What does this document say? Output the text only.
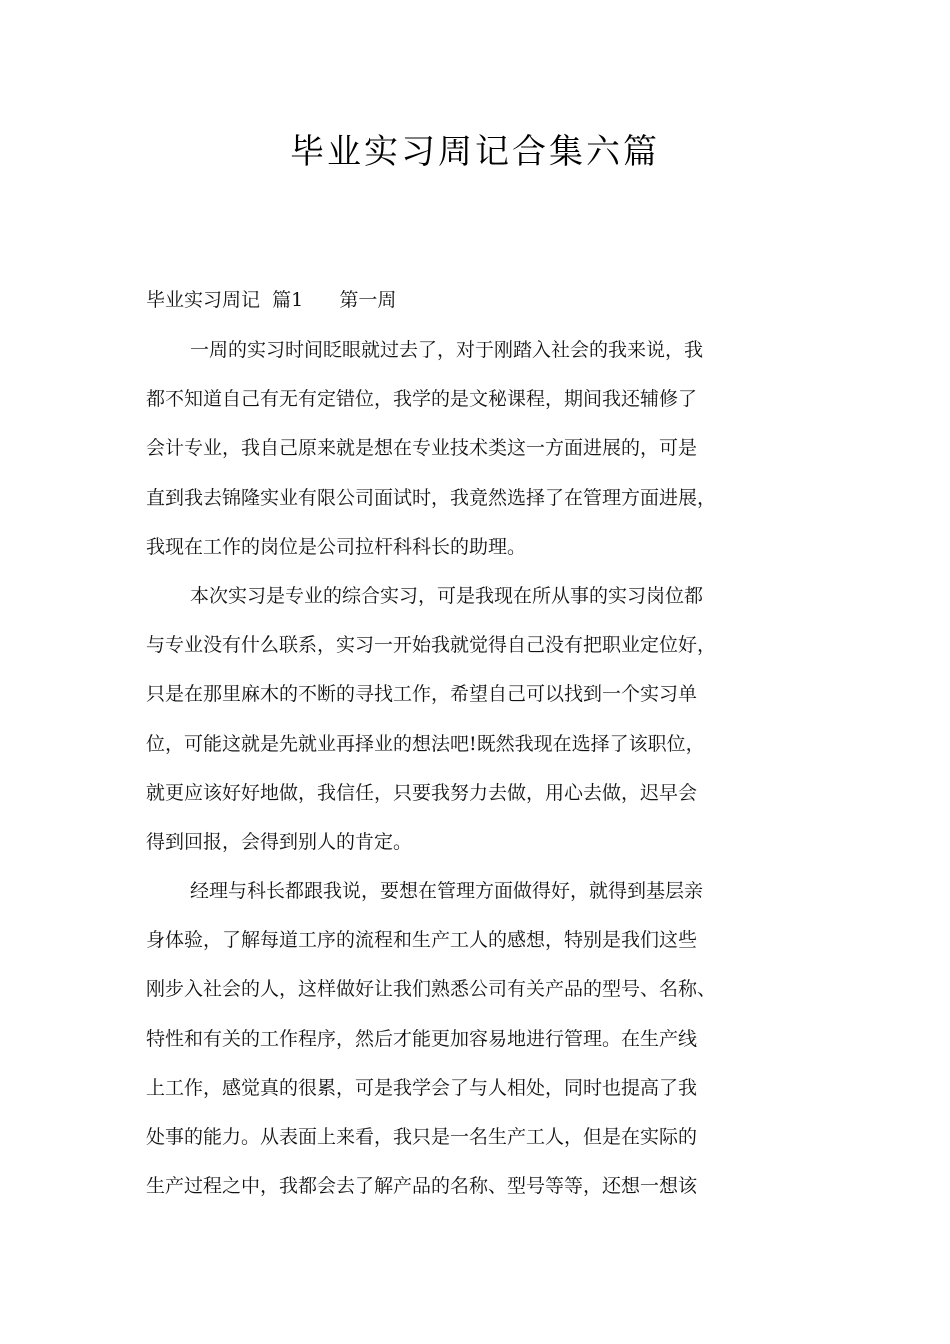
毕业实习周记合集六篇

毕业实习周记  篇1      第一周

一周的实习时间眨眼就过去了，对于刚踏入社会的我来说，我
都不知道自己有无有定错位，我学的是文秘课程，期间我还辅修了
会计专业，我自己原来就是想在专业技术类这一方面进展的，可是
直到我去锦隆实业有限公司面试时，我竟然选择了在管理方面进展，
我现在工作的岗位是公司拉杆科科长的助理。
本次实习是专业的综合实习，可是我现在所从事的实习岗位都
与专业没有什么联系，实习一开始我就觉得自己没有把职业定位好，
只是在那里麻木的不断的寻找工作，希望自己可以找到一个实习单
位，可能这就是先就业再择业的想法吧!既然我现在选择了该职位，
就更应该好好地做，我信任，只要我努力去做，用心去做，迟早会
得到回报，会得到别人的肯定。
经理与科长都跟我说，要想在管理方面做得好，就得到基层亲
身体验，了解每道工序的流程和生产工人的感想，特别是我们这些
刚步入社会的人，这样做好让我们熟悉公司有关产品的型号、名称、
特性和有关的工作程序，然后才能更加容易地进行管理。在生产线
上工作，感觉真的很累，可是我学会了与人相处，同时也提高了我
处事的能力。从表面上来看，我只是一名生产工人，但是在实际的
生产过程之中，我都会去了解产品的名称、型号等等，还想一想该
